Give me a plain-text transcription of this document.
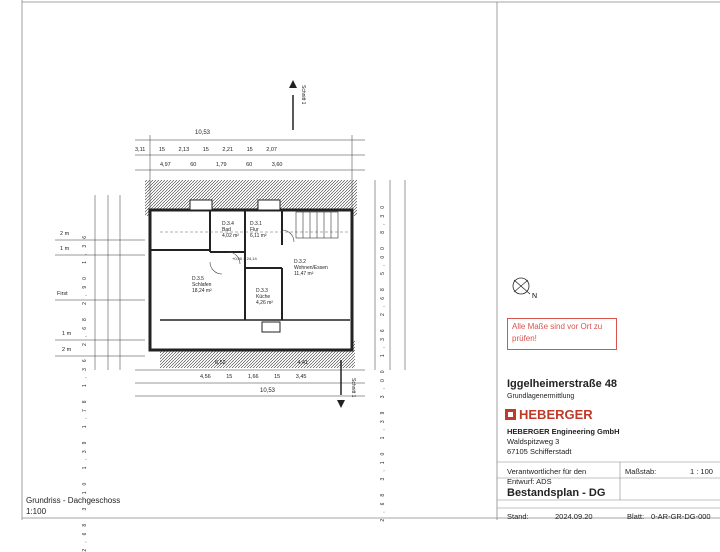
N
10,53
3,11 15 2,13 15 2,21 15 2,07
4,97 60 1,79 60 3,60
6,52 4,41
4,56 15 1,66 15 3,45
10,53
2 m
1 m
First
1 m
2 m 2,68 3,10 1,39 1,78 1,36 2,68 2,90 1,36	2,68 3,10 1,39 3,00 1,36 2,68 5,00 8,30
Schnitt 1
Schnitt 1
D.3.4
Bad
4,02 m²
D.3.1
Flur
6,11 m²
D.3.5
Schlafen
18,24 m²
D.3.2
Wohnen/Essen
11,47 m²
D.3.3
Küche
4,26 m²
+0,00 = 24,14
Grundriss - Dachgeschoss
1:100
Alle Maße sind vor Ort zu prüfen!
Iggelheimerstraße 48
Grundlagenermittlung
HEBERGER
HEBERGER Engineering GmbH
Waldspitzweg 3
67105 Schifferstadt
Verantwortlicher für den
Entwurf: ADS
Maßstab:	1 : 100
Bestandsplan - DG
Stand:	2024.09.20	Blatt: 0-AR-GR-DG-000
